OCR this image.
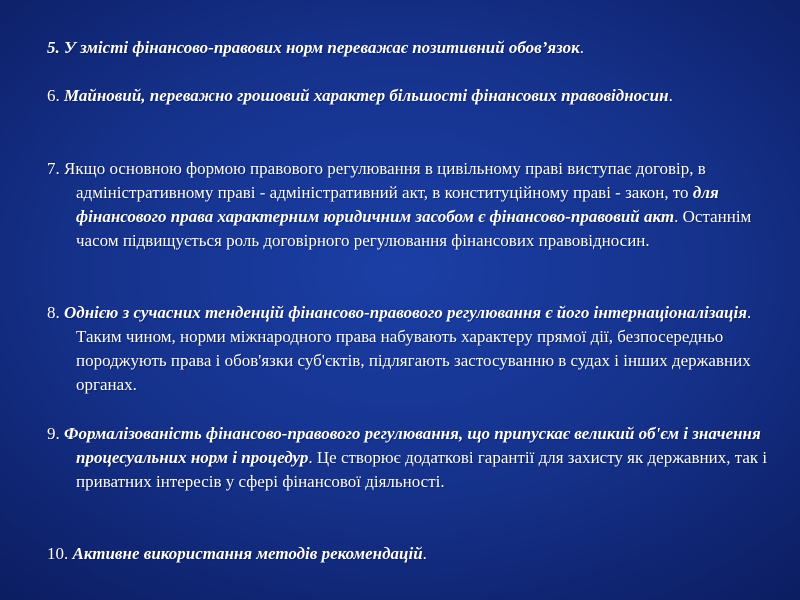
5. У змісті фінансово-правових норм переважає позитивний обов’язок.
6. Майновий, переважно грошовий характер більшості фінансових правовідносин.
7. Якщо основною формою правового регулювання в цивільному праві виступає договір, в адміністративному праві - адміністративний акт, в конституційному праві - закон, то для фінансового права характерним юридичним засобом є фінансово-правовий акт. Останнім часом підвищується роль договірного регулювання фінансових правовідносин.
8. Однією з сучасних тенденцій фінансово-правового регулювання є його інтернаціоналізація. Таким чином, норми міжнародного права набувають характеру прямої дії, безпосередньо породжують права і обов'язки суб'єктів, підлягають застосуванню в судах і інших державних органах.
9. Формалізованість фінансово-правового регулювання, що припускає великий об'єм і значення процесуальних норм і процедур. Це створює додаткові гарантії для захисту як державних, так і приватних інтересів у сфері фінансової діяльності.
10. Активне використання методів рекомендацій.
